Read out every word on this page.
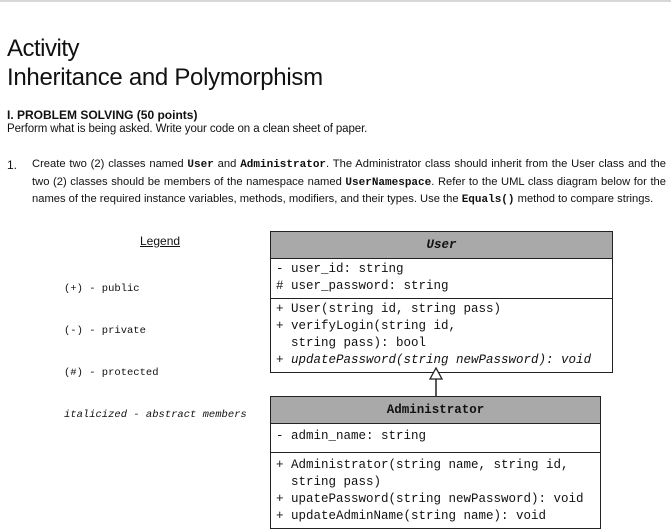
Activity
Inheritance and Polymorphism
I. PROBLEM SOLVING (50 points)
Perform what is being asked. Write your code on a clean sheet of paper.
1. Create two (2) classes named User and Administrator. The Administrator class should inherit from the User class and the two (2) classes should be members of the namespace named UserNamespace. Refer to the UML class diagram below for the names of the required instance variables, methods, modifiers, and their types. Use the Equals() method to compare strings.
Legend

(+) - public

(-) - private

(#) - protected

italicized - abstract members

User
- user_id: string
# user_password: string
+ User(string id, string pass)
+ verifyLogin(string id,
string pass): bool
+ updatePassword(string newPassword): void
Administrator
- admin_name: string
+ Administrator(string name, string id,
string pass)
+ upatePassword(string newPassword): void
+ updateAdminName(string name): void
